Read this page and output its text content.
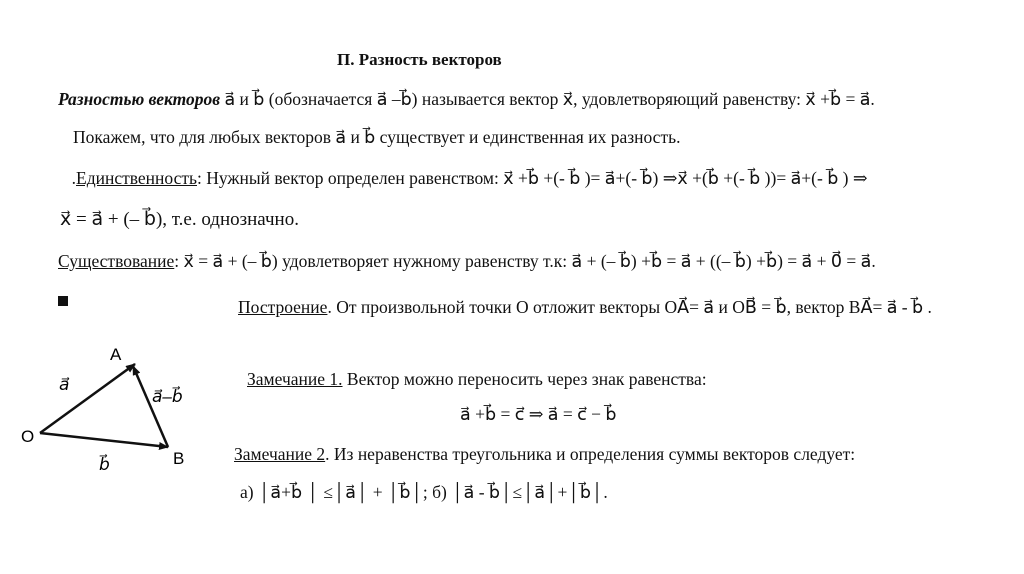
П. Разность векторов
Разностью векторов a⃗ и b⃗ (обозначается a⃗ –b⃗) называется вектор x⃗, удовлетворяющий равенству: x⃗ +b⃗ = a⃗.
Покажем, что для любых векторов a⃗ и b⃗ существует и единственная их разность.
.Единственность: Нужный вектор определен равенством: x⃗ +b⃗ +(- b⃗ )= a⃗+(- b⃗) ⇒x⃗ +(b⃗ +(- b⃗ ))= a⃗+(- b⃗ ) ⇒
x⃗ = a⃗ + (– b⃗), т.е. однозначно.
Существование: x⃗ = a⃗ + (– b⃗) удовлетворяет нужному равенству т.к: a⃗ + (– b⃗) +b⃗ = a⃗ + ((– b⃗) +b⃗) = a⃗ + 0⃗ = a⃗.
Построение. От произвольной точки O отложит векторы OA⃗= a⃗ и OB⃗ = b⃗, вектор BA⃗= a⃗ - b⃗ .
Замечание 1. Вектор можно переносить через знак равенства:
a⃗ +b⃗ = c⃗ ⇒ a⃗ = c⃗ − b⃗
Замечание 2. Из неравенства треугольника и определения суммы векторов следует:
а) │a⃗+b⃗ │ ≤│a⃗│ + │b⃗│; б) │a⃗ - b⃗│≤│a⃗│+│b⃗│.
A
O
B
a⃗
b⃗
a⃗–b⃗
